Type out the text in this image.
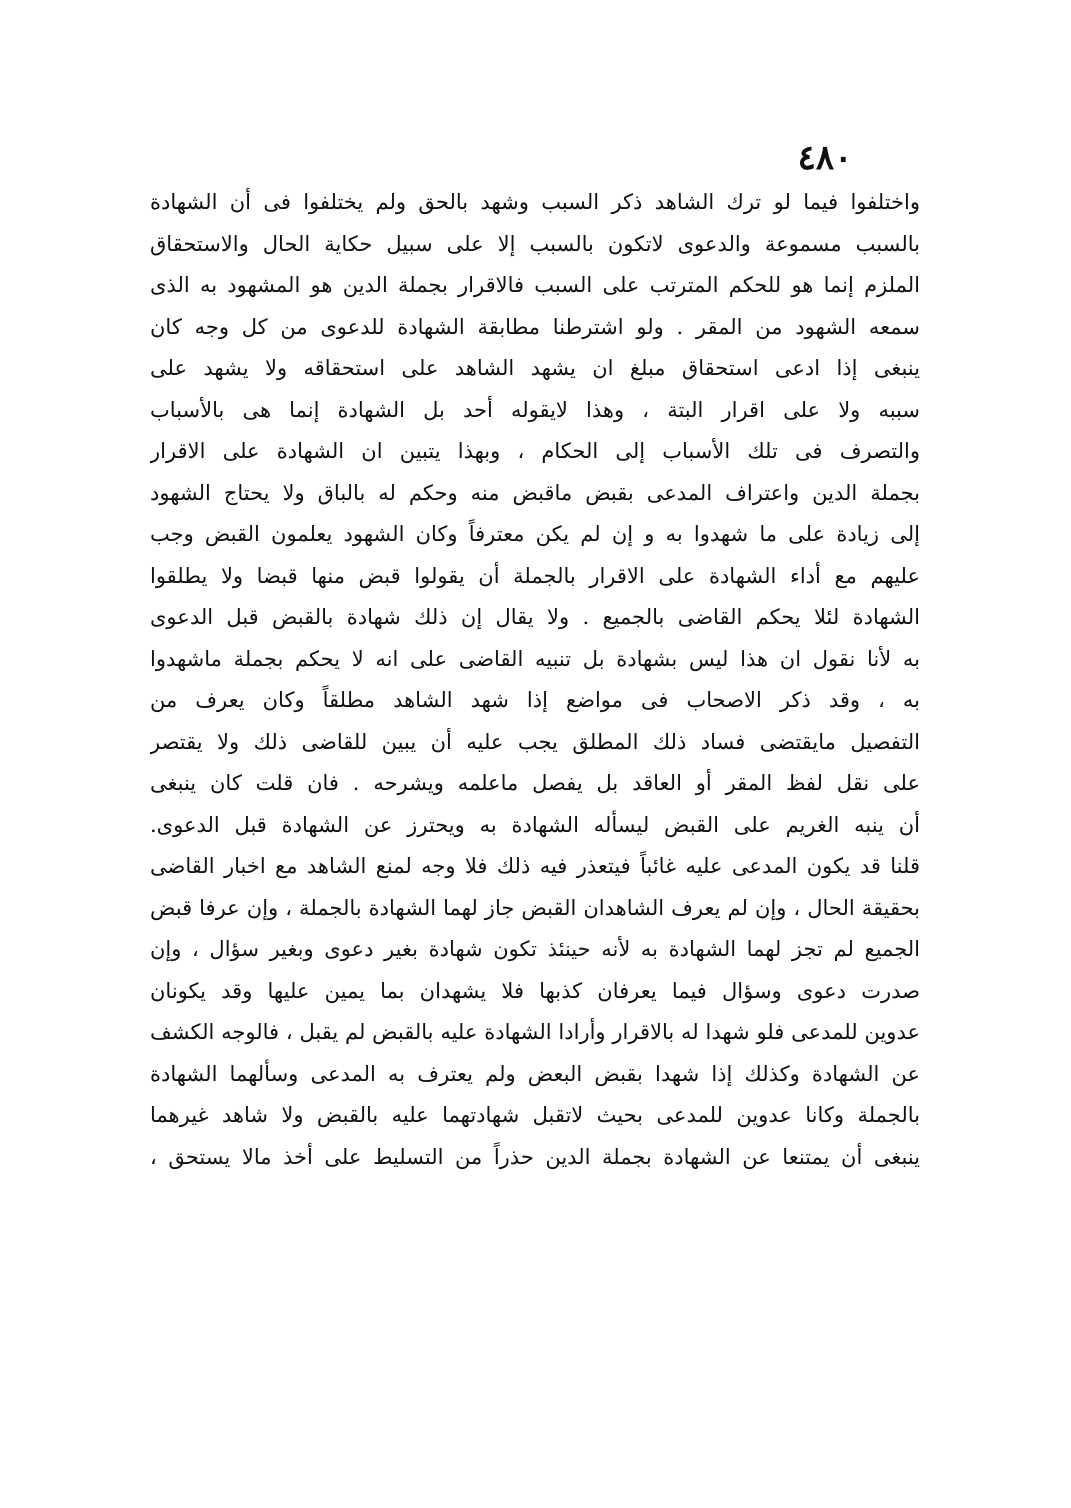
٤٨٠
واختلفوا فيما لو ترك الشاهد ذكر السبب وشهد بالحق ولم يختلفوا فى أن الشهادة
بالسبب مسموعة والدعوى لاتكون بالسبب إلا على سبيل حكاية الحال والاستحقاق
الملزم إنما هو للحكم المترتب على السبب فالاقرار بجملة الدين هو المشهود به الذى
سمعه الشهود من المقر . ولو اشترطنا مطابقة الشهادة للدعوى من كل وجه كان
ينبغى إذا ادعى استحقاق مبلغ ان يشهد الشاهد على استحقاقه ولا يشهد على
سببه ولا على اقرار البتة ، وهذا لايقوله أحد بل الشهادة إنما هى بالأسباب
والتصرف فى تلك الأسباب إلى الحكام ، وبهذا يتبين ان الشهادة على الاقرار
بجملة الدين واعتراف المدعى بقبض ماقبض منه وحكم له بالباق ولا يحتاج الشهود
إلى زيادة على ما شهدوا به و إن لم يكن معترفاً وكان الشهود يعلمون القبض وجب
عليهم مع أداء الشهادة على الاقرار بالجملة أن يقولوا قبض منها قبضا ولا يطلقوا
الشهادة لئلا يحكم القاضى بالجميع . ولا يقال إن ذلك شهادة بالقبض قبل الدعوى
به لأنا نقول ان هذا ليس بشهادة بل تنبيه القاضى على انه لا يحكم بجملة ماشهدوا
به ، وقد ذكر الاصحاب فى مواضع إذا شهد الشاهد مطلقاً وكان يعرف من
التفصيل مايقتضى فساد ذلك المطلق يجب عليه أن يبين للقاضى ذلك ولا يقتصر
على نقل لفظ المقر أو العاقد بل يفصل ماعلمه ويشرحه . فان قلت كان ينبغى
أن ينبه الغريم على القبض ليسأله الشهادة به ويحترز عن الشهادة قبل الدعوى.
قلنا قد يكون المدعى عليه غائباً فيتعذر فيه ذلك فلا وجه لمنع الشاهد مع اخبار القاضى
بحقيقة الحال ، وإن لم يعرف الشاهدان القبض جاز لهما الشهادة بالجملة ، وإن عرفا قبض
الجميع لم تجز لهما الشهادة به لأنه حينئذ تكون شهادة بغير دعوى وبغير سؤال ، وإن
صدرت دعوى وسؤال فيما يعرفان كذبها فلا يشهدان بما يمين عليها وقد يكونان
عدوين للمدعى فلو شهدا له بالاقرار وأرادا الشهادة عليه بالقبض لم يقبل ، فالوجه الكشف
عن الشهادة وكذلك إذا شهدا بقبض البعض ولم يعترف به المدعى وسألهما الشهادة
بالجملة وكانا عدوين للمدعى بحيث لاتقبل شهادتهما عليه بالقبض ولا شاهد غيرهما
ينبغى أن يمتنعا عن الشهادة بجملة الدين حذراً من التسليط على أخذ مالا يستحق ،
